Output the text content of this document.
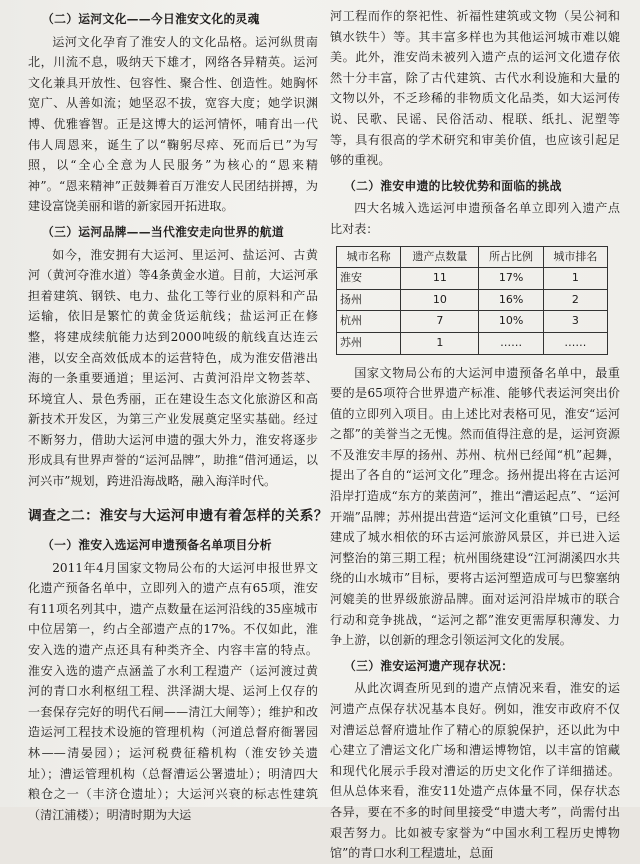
（二）运河文化——今日淮安文化的灵魂

运河文化孕育了淮安人的文化品格。运河纵贯南北，川流不息，吸纳天下雄才，网络各异精英。运河文化兼具开放性、包容性、聚合性、创造性。她胸怀宽广、从善如流；她坚忍不拔，宽容大度；她学识渊博、优雅睿智。正是这博大的运河情怀，哺育出一代伟人周恩来，诞生了以“鞠躬尽瘁、死而后已”为写照，以“全心全意为人民服务”为核心的“恩来精神”。“恩来精神”正鼓舞着百万淮安人民团结拼搏，为建设富饶美丽和谐的新家园开拓进取。

（三）运河品牌——当代淮安走向世界的航道

如今，淮安拥有大运河、里运河、盐运河、古黄河（黄河夺淮水道）等4条黄金水道。目前，大运河承担着建筑、钢铁、电力、盐化工等行业的原料和产品运输，依旧是繁忙的黄金货运航线；盐运河正在修整，将建成续航能力达到2000吨级的航线直达连云港，以安全高效低成本的运营特色，成为淮安借港出海的一条重要通道；里运河、古黄河沿岸文物荟萃、环境宜人、景色秀丽，正在建设生态文化旅游区和高新技术开发区，为第三产业发展奠定坚实基础。经过不断努力，借助大运河申遗的强大外力，淮安将逐步形成具有世界声誉的“运河品牌”，助推“借河通运，以河兴市”规划，跨进沿海战略，融入海洋时代。

调查之二：淮安与大运河申遗有着怎样的关系？
（一）淮安入选运河申遗预备名单项目分析

2011年4月国家文物局公布的大运河申报世界文化遗产预备名单中，立即列入的遗产点有65项，淮安有11项名列其中，遗产点数量在运河沿线的35座城市中位居第一，约占全部遗产点的17%。不仅如此，淮安入选的遗产点还具有种类齐全、内容丰富的特点。淮安入选的遗产点涵盖了水利工程遗产（运河渡过黄河的青口水利枢纽工程、洪泽湖大堤、运河上仅存的一套保存完好的明代石闸——清江大闸等）；维护和改造运河工程技术设施的管理机构（河道总督府衙署园林——清晏园）；运河税费征稽机构（淮安钞关遗址）；漕运管理机构（总督漕运公署遗址）；明清四大粮仓之一（丰济仓遗址）；大运河兴衰的标志性建筑（清江浦楼）；明清时期为大运

河工程而作的祭祀性、祈福性建筑或文物（吴公祠和镇水铁牛）等。其丰富多样也为其他运河城市难以媲美。此外，淮安尚未被列入遗产点的运河文化遗存依然十分丰富，除了古代建筑、古代水利设施和大量的文物以外，不乏珍稀的非物质文化品类，如大运河传说、民歌、民谣、民俗活动、棍联、纸扎、泥塑等等，具有很高的学术研究和审美价值，也应该引起足够的重视。

（二）淮安申遗的比较优势和面临的挑战

四大名城入选运河申遗预备名单立即列入遗产点比对表：

城市名称	遗产点数量	所占比例	城市排名
淮安	11	17%	1
扬州	10	16%	2
杭州	7	10%	3
苏州	1	……	……

国家文物局公布的大运河申遗预备名单中，最重要的是65项符合世界遗产标准、能够代表运河突出价值的立即列入项目。由上述比对表格可见，淮安“运河之都”的美誉当之无愧。然而值得注意的是，运河资源不及淮安丰厚的扬州、苏州、杭州已经闻“机”起舞，提出了各自的“运河文化”理念。扬州提出将在古运河沿岸打造成“东方的莱茵河”，推出“漕运起点”、“运河开端”品牌；苏州提出营造“运河文化重镇”口号，已经建成了城水相依的环古运河旅游风景区，并已进入运河整治的第三期工程；杭州围绕建设“江河湖溪四水共绕的山水城市”目标，要将古运河塑造成可与巴黎塞纳河媲美的世界级旅游品牌。面对运河沿岸城市的联合行动和竞争挑战，“运河之都”淮安更需厚积薄发、力争上游，以创新的理念引领运河文化的发展。

（三）淮安运河遗产现存状况：

从此次调查所见到的遗产点情况来看，淮安的运河遗产点保存状况基本良好。例如，淮安市政府不仅对漕运总督府遗址作了精心的原貌保护，还以此为中心建立了漕运文化广场和漕运博物馆，以丰富的馆藏和现代化展示手段对漕运的历史文化作了详细描述。但从总体来看，淮安11处遗产点体量不同，保存状态各异，要在不多的时间里接受“申遗大考”，尚需付出艰苦努力。比如被专家誉为“中国水利工程历史博物馆”的青口水利工程遗址，总面
